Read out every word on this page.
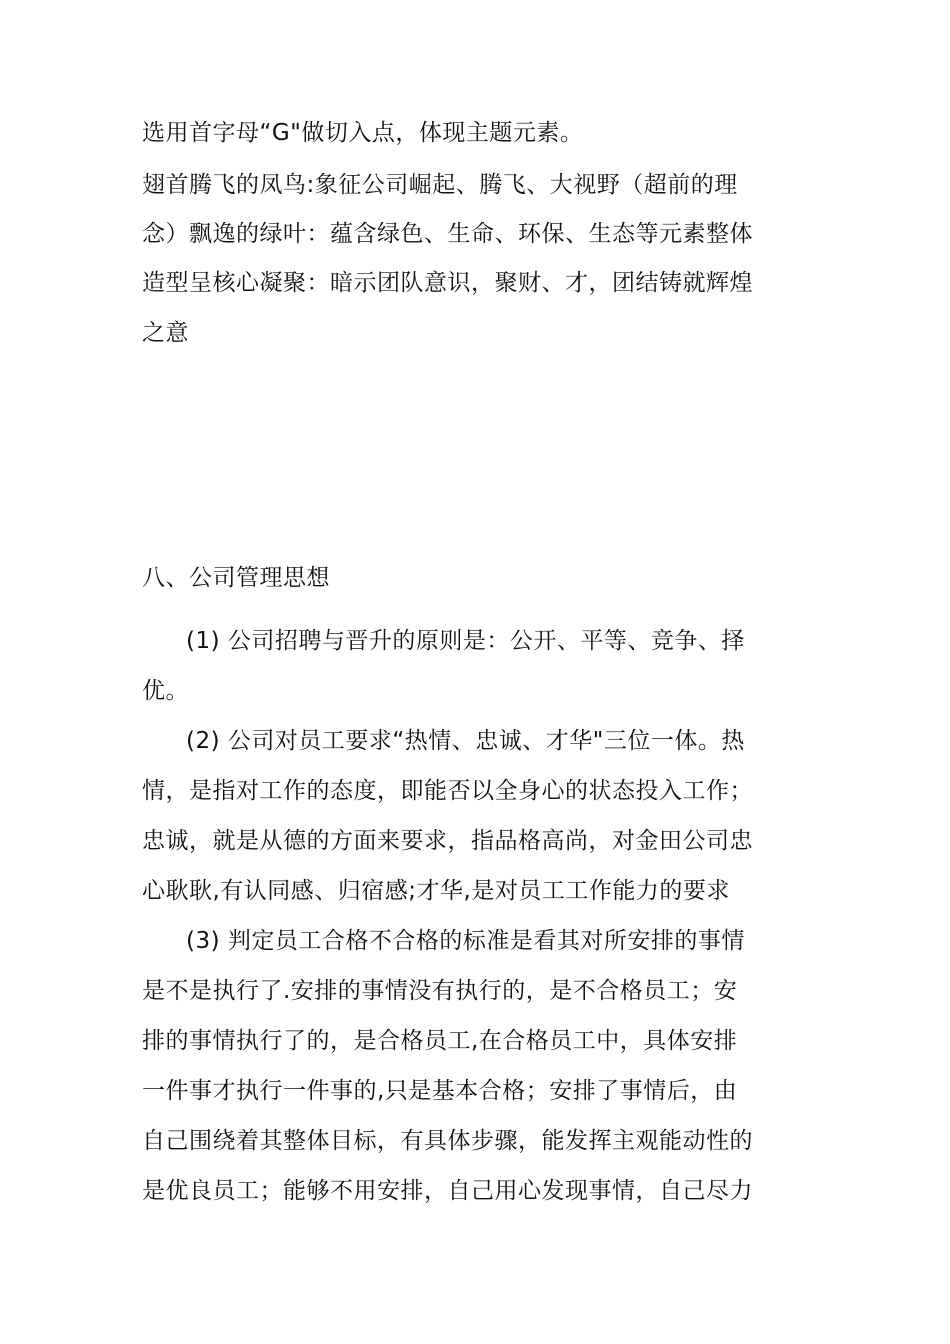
选用首字母“G"做切入点，体现主题元素。
翅首腾飞的凤鸟:象征公司崛起、腾飞、大视野（超前的理
念）飘逸的绿叶：蕴含绿色、生命、环保、生态等元素整体
造型呈核心凝聚：暗示团队意识，聚财、才，团结铸就辉煌
之意
八、公司管理思想
(1) 公司招聘与晋升的原则是：公开、平等、竞争、择
优。
(2) 公司对员工要求“热情、忠诚、才华"三位一体。热
情，是指对工作的态度，即能否以全身心的状态投入工作；
忠诚，就是从德的方面来要求，指品格高尚，对金田公司忠
心耿耿,有认同感、归宿感;才华,是对员工工作能力的要求
(3) 判定员工合格不合格的标准是看其对所安排的事情
是不是执行了.安排的事情没有执行的，是不合格员工；安
排的事情执行了的，是合格员工,在合格员工中，具体安排
一件事才执行一件事的,只是基本合格；安排了事情后，由
自己围绕着其整体目标，有具体步骤，能发挥主观能动性的
是优良员工；能够不用安排，自己用心发现事情，自己尽力
